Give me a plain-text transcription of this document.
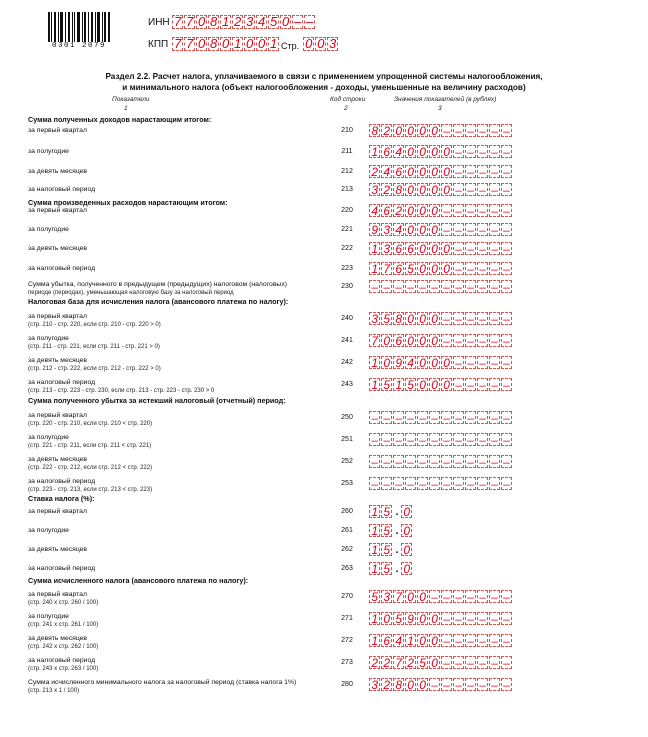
0301 2079
ИНН 7 7 0 8 1 2 3 4 5 0 – –
КПП 7 7 0 8 0 1 0 0 1 Стр. 0 0 3
Раздел 2.2. Расчет налога, уплачиваемого в связи с применением упрощенной системы налогообложения,
и минимального налога (объект налогообложения - доходы, уменьшенные на величину расходов)
Показатели
1
Код строки
2
Значения показателей (в рублях)
3
Сумма полученных доходов нарастающим итогом:
Сумма произведенных расходов нарастающим итогом:
Налоговая база для исчисления налога (авансового платежа по налогу):
Сумма полученного убытка за истекший налоговый (отчетный) период:
Ставка налога (%):
Сумма исчисленного налога (авансового платежа по налогу):
за первый квартал	210	8 2 0 0 0 0 – – – – – –
за полугодие	211	1 6 4 0 0 0 0 – – – – –
за девять месяцев	212	2 4 6 0 0 0 0 – – – – –
за налоговый период	213	3 2 8 0 0 0 0 – – – – –
за первый квартал	220	4 6 2 0 0 0 – – – – – –
за полугодие	221	9 3 4 0 0 0 – – – – – –
за девять месяцев	222	1 3 6 6 0 0 0 – – – – –
за налоговый период	223	1 7 6 5 0 0 0 – – – – –
Сумма убытка, полученного в предыдущем (предыдущих) налоговом (налоговых)
периоде (периодах), уменьшающая налоговую базу за налоговый период
230	– – – – – – – – – – – –
за первый квартал
(стр. 210 - стр. 220, если стр. 210 - стр. 220 > 0)
240	3 5 8 0 0 0 – – – – – –
за полугодие
(стр. 211 - стр. 221, если стр. 211 - стр. 221 > 0)
241	7 0 6 0 0 0 – – – – – –
за девять месяцев
(стр. 212 - стр. 222, если стр. 212 - стр. 222 > 0)
242	1 0 9 4 0 0 0 – – – – –
за налоговый период
(стр. 213 - стр. 223 - стр. 230, если стр. 213 - стр. 223 - стр. 230 > 0
243	1 5 1 5 0 0 0 – – – – –
за первый квартал
(стр. 220 - стр. 210, если стр. 210 < стр. 220)
250	– – – – – – – – – – – –
за полугодие
(стр. 221 - стр. 211, если стр. 211 < стр. 221)
251	– – – – – – – – – – – –
за девять месяцев
(стр. 222 - стр. 212, если стр. 212 < стр. 222)
252	– – – – – – – – – – – –
за налоговый период
(стр. 223 - стр. 213, если стр. 213 < стр. 223)
253	– – – – – – – – – – – –
за первый квартал	260	1 5 . 0
за полугодие	261	1 5 . 0
за девять месяцев	262	1 5 . 0
за налоговый период	263	1 5 . 0
за первый квартал
(стр. 240 х стр. 260 / 100)
270	5 3 7 0 0 – – – – – – –
за полугодие
(стр. 241 х стр. 261 / 100)
271	1 0 5 9 0 0 – – – – – –
за девять месяцев
(стр. 242 х стр. 262 / 100)
272	1 6 4 1 0 0 – – – – – –
за налоговый период
(стр. 243 х стр. 263 / 100)
273	2 2 7 2 5 0 – – – – – –
Сумма исчисленного минимального налога за налоговый период (ставка налога 1%)
(стр. 213 х 1 / 100)
280	3 2 8 0 0 – – – – – – –
